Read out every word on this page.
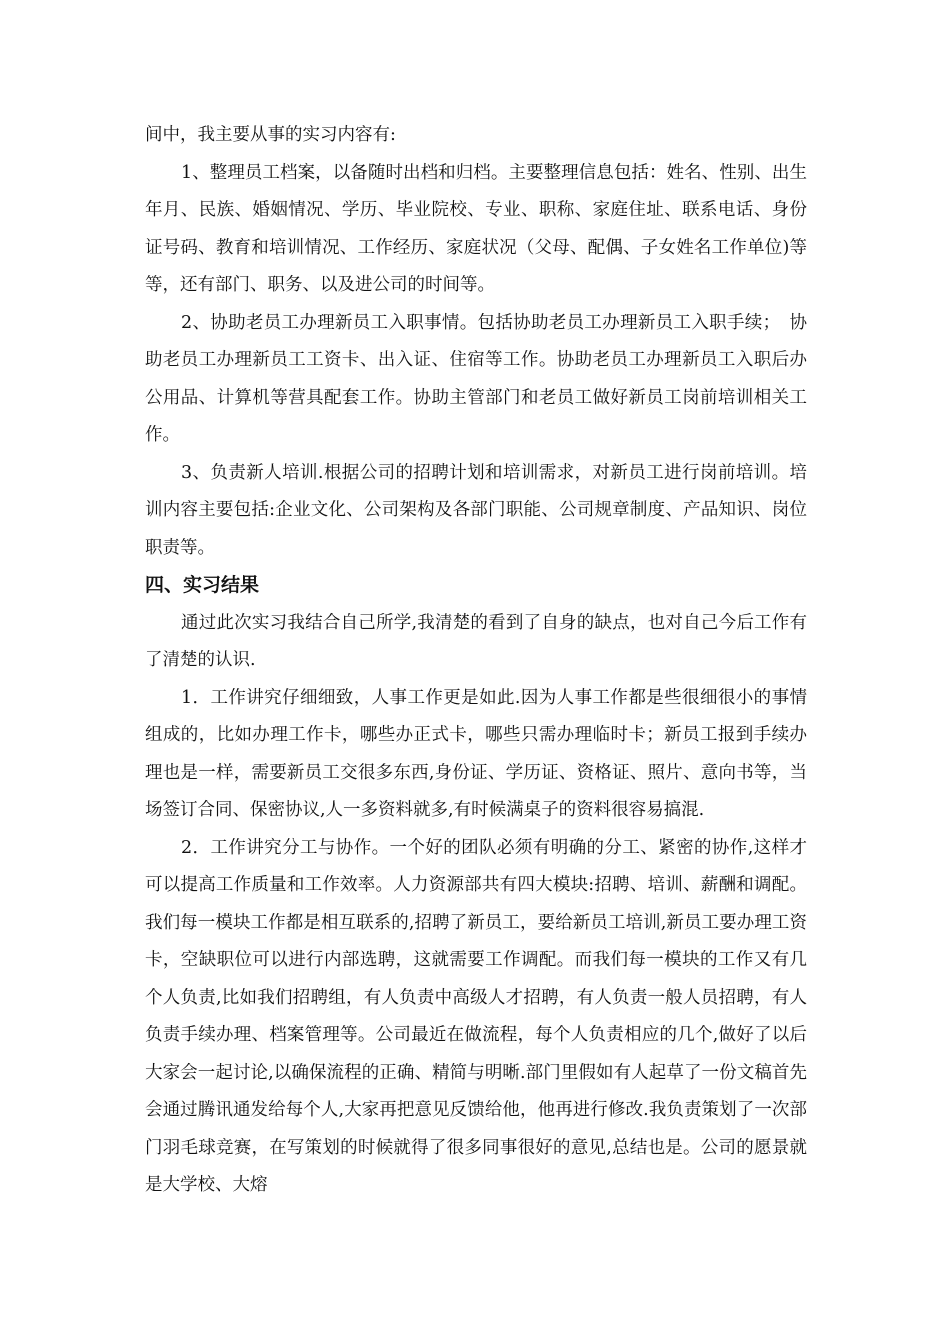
间中，我主要从事的实习内容有:

1、整理员工档案，以备随时出档和归档。主要整理信息包括：姓名、性别、出生年月、民族、婚姻情况、学历、毕业院校、专业、职称、家庭住址、联系电话、身份证号码、教育和培训情况、工作经历、家庭状况（父母、配偶、子女姓名工作单位)等等，还有部门、职务、以及进公司的时间等。

2、协助老员工办理新员工入职事情。包括协助老员工办理新员工入职手续；　协助老员工办理新员工工资卡、出入证、住宿等工作。协助老员工办理新员工入职后办公用品、计算机等营具配套工作。协助主管部门和老员工做好新员工岗前培训相关工作。

3、负责新人培训.根据公司的招聘计划和培训需求，对新员工进行岗前培训。培训内容主要包括:企业文化、公司架构及各部门职能、公司规章制度、产品知识、岗位职责等。

四、实习结果

通过此次实习我结合自己所学,我清楚的看到了自身的缺点，也对自己今后工作有了清楚的认识.

1．工作讲究仔细细致，人事工作更是如此.因为人事工作都是些很细很小的事情组成的，比如办理工作卡，哪些办正式卡，哪些只需办理临时卡；新员工报到手续办理也是一样，需要新员工交很多东西,身份证、学历证、资格证、照片、意向书等，当场签订合同、保密协议,人一多资料就多,有时候满桌子的资料很容易搞混.

2．工作讲究分工与协作。一个好的团队必须有明确的分工、紧密的协作,这样才可以提高工作质量和工作效率。人力资源部共有四大模块:招聘、培训、薪酬和调配。我们每一模块工作都是相互联系的,招聘了新员工，要给新员工培训,新员工要办理工资卡，空缺职位可以进行内部选聘，这就需要工作调配。而我们每一模块的工作又有几个人负责,比如我们招聘组，有人负责中高级人才招聘，有人负责一般人员招聘，有人负责手续办理、档案管理等。公司最近在做流程，每个人负责相应的几个,做好了以后大家会一起讨论,以确保流程的正确、精简与明晰.部门里假如有人起草了一份文稿首先会通过腾讯通发给每个人,大家再把意见反馈给他，他再进行修改.我负责策划了一次部门羽毛球竞赛，在写策划的时候就得了很多同事很好的意见,总结也是。公司的愿景就是大学校、大熔
